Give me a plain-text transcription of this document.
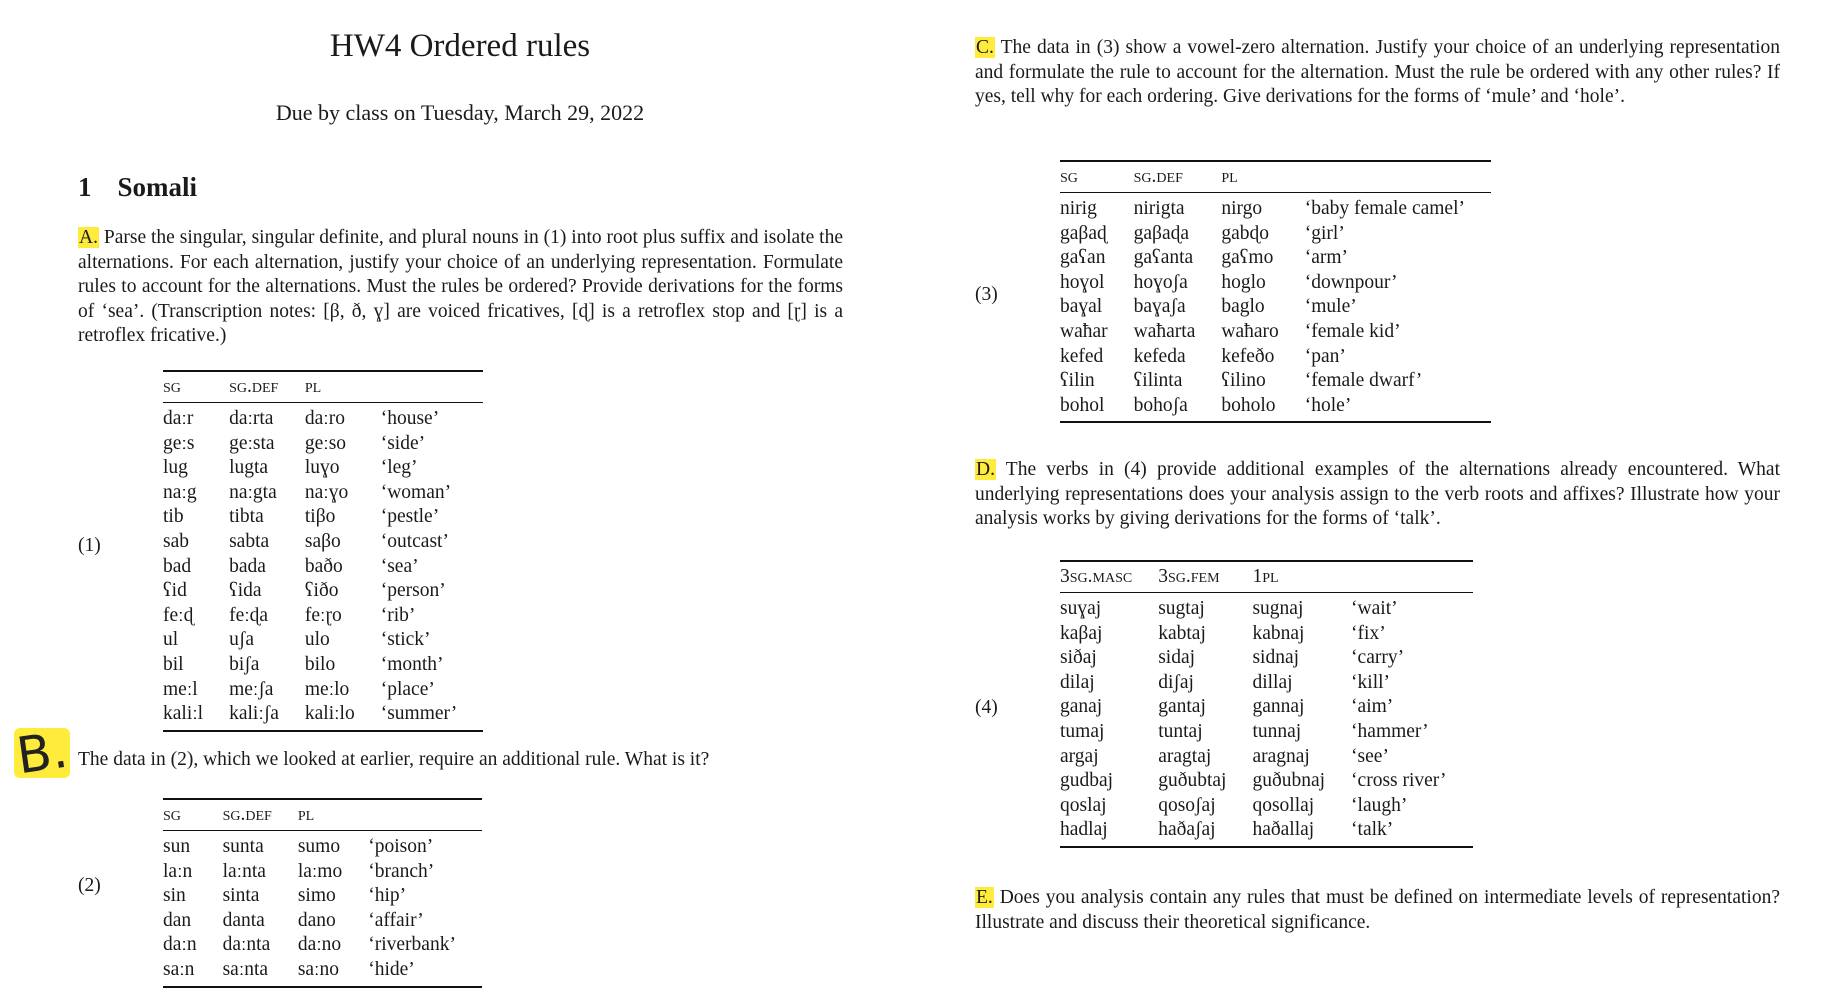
HW4 Ordered rules
Due by class on Tuesday, March 29, 2022
1 Somali
A. Parse the singular, singular definite, and plural nouns in (1) into root plus suffix and isolate the alternations. For each alternation, justify your choice of an underlying representation. Formulate rules to account for the alternations. Must the rules be ordered? Provide derivations for the forms of ‘sea’. (Transcription notes: [β, ð, ɣ] are voiced fricatives, [ɖ] is a retroflex stop and [ɽ] is a retroflex fricative.)
(1)
sg	sg.def	pl	
daːr	daːrta	daːro	‘house’
geːs	geːsta	geːso	‘side’
lug	lugta	luɣo	‘leg’
naːg	naːgta	naːɣo	‘woman’
tib	tibta	tiβo	‘pestle’
sab	sabta	saβo	‘outcast’
bad	bada	baðo	‘sea’
ʕid	ʕida	ʕiðo	‘person’
feːɖ	feːɖa	feːɽo	‘rib’
ul	uʃa	ulo	‘stick’
bil	biʃa	bilo	‘month’
meːl	meːʃa	meːlo	‘place’
kaliːl	kaliːʃa	kaliːlo	‘summer’
B. The data in (2), which we looked at earlier, require an additional rule. What is it?
(2)
sg	sg.def	pl	
sun	sunta	sumo	‘poison’
laːn	laːnta	laːmo	‘branch’
sin	sinta	simo	‘hip’
dan	danta	dano	‘affair’
daːn	daːnta	daːno	‘riverbank’
saːn	saːnta	saːno	‘hide’
C. The data in (3) show a vowel-zero alternation. Justify your choice of an underlying representation and formulate the rule to account for the alternation. Must the rule be ordered with any other rules? If yes, tell why for each ordering. Give derivations for the forms of ‘mule’ and ‘hole’.
(3)
sg	sg.def	pl	
nirig	nirigta	nirgo	‘baby female camel’
gaβaɖ	gaβaɖa	gabɖo	‘girl’
gaʕan	gaʕanta	gaʕmo	‘arm’
hoɣol	hoɣoʃa	hoglo	‘downpour’
baɣal	baɣaʃa	baglo	‘mule’
waħar	waħarta	waħaro	‘female kid’
kefed	kefeda	kefeðo	‘pan’
ʕilin	ʕilinta	ʕilino	‘female dwarf’
bohol	bohoʃa	boholo	‘hole’
D. The verbs in (4) provide additional examples of the alternations already encountered. What underlying representations does your analysis assign to the verb roots and affixes? Illustrate how your analysis works by giving derivations for the forms of ‘talk’.
(4)
3sg.masc	3sg.fem	1pl	
suɣaj	sugtaj	sugnaj	‘wait’
kaβaj	kabtaj	kabnaj	‘fix’
siðaj	sidaj	sidnaj	‘carry’
dilaj	diʃaj	dillaj	‘kill’
ganaj	gantaj	gannaj	‘aim’
tumaj	tuntaj	tunnaj	‘hammer’
argaj	aragtaj	aragnaj	‘see’
gudbaj	guðubtaj	guðubnaj	‘cross river’
qoslaj	qosoʃaj	qosollaj	‘laugh’
hadlaj	haðaʃaj	haðallaj	‘talk’
E. Does you analysis contain any rules that must be defined on intermediate levels of representation? Illustrate and discuss their theoretical significance.
